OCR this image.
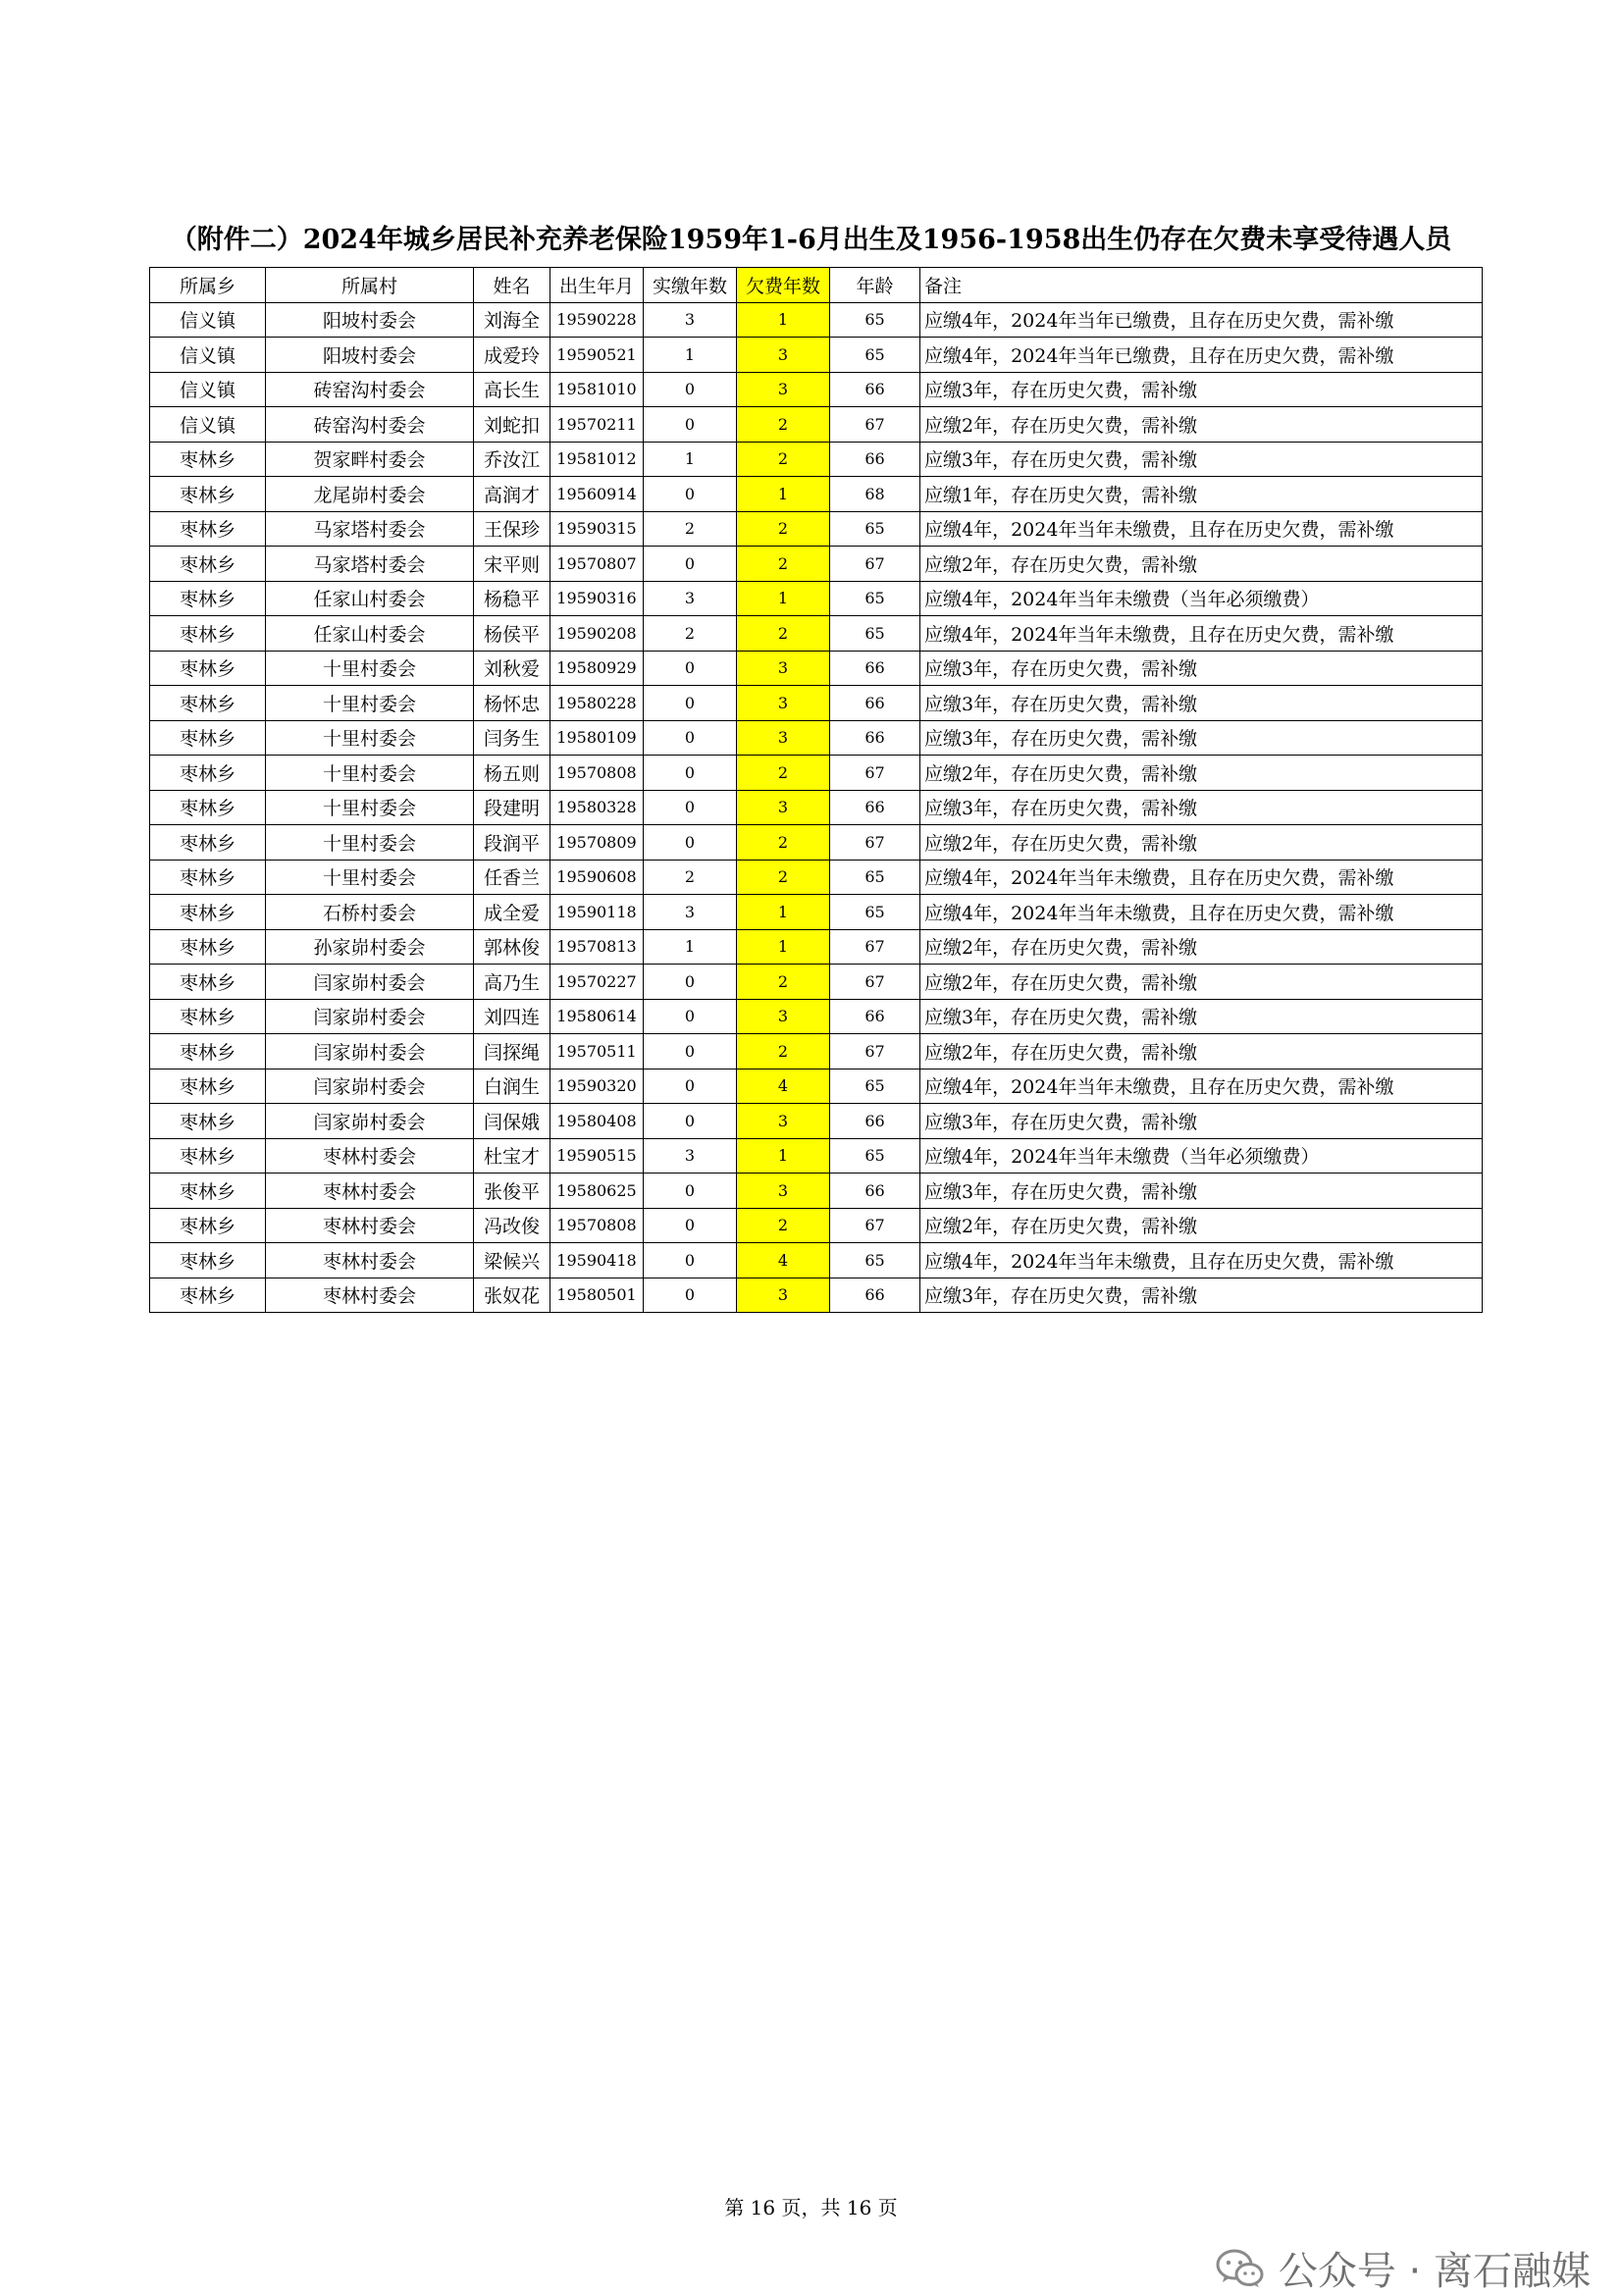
（附件二）2024年城乡居民补充养老保险1959年1-6月出生及1956-1958出生仍存在欠费未享受待遇人员
所属乡	所属村	姓名	出生年月	实缴年数	欠费年数	年龄	备注
信义镇	阳坡村委会	刘海全	19590228	3	1	65	应缴4年，2024年当年已缴费，且存在历史欠费，需补缴
信义镇	阳坡村委会	成爱玲	19590521	1	3	65	应缴4年，2024年当年已缴费，且存在历史欠费，需补缴
信义镇	砖窑沟村委会	高长生	19581010	0	3	66	应缴3年，存在历史欠费，需补缴
信义镇	砖窑沟村委会	刘蛇扣	19570211	0	2	67	应缴2年，存在历史欠费，需补缴
枣林乡	贺家畔村委会	乔汝江	19581012	1	2	66	应缴3年，存在历史欠费，需补缴
枣林乡	龙尾峁村委会	高润才	19560914	0	1	68	应缴1年，存在历史欠费，需补缴
枣林乡	马家塔村委会	王保珍	19590315	2	2	65	应缴4年，2024年当年未缴费，且存在历史欠费，需补缴
枣林乡	马家塔村委会	宋平则	19570807	0	2	67	应缴2年，存在历史欠费，需补缴
枣林乡	任家山村委会	杨稳平	19590316	3	1	65	应缴4年，2024年当年未缴费（当年必须缴费）
枣林乡	任家山村委会	杨侯平	19590208	2	2	65	应缴4年，2024年当年未缴费，且存在历史欠费，需补缴
枣林乡	十里村委会	刘秋爱	19580929	0	3	66	应缴3年，存在历史欠费，需补缴
枣林乡	十里村委会	杨怀忠	19580228	0	3	66	应缴3年，存在历史欠费，需补缴
枣林乡	十里村委会	闫务生	19580109	0	3	66	应缴3年，存在历史欠费，需补缴
枣林乡	十里村委会	杨五则	19570808	0	2	67	应缴2年，存在历史欠费，需补缴
枣林乡	十里村委会	段建明	19580328	0	3	66	应缴3年，存在历史欠费，需补缴
枣林乡	十里村委会	段润平	19570809	0	2	67	应缴2年，存在历史欠费，需补缴
枣林乡	十里村委会	任香兰	19590608	2	2	65	应缴4年，2024年当年未缴费，且存在历史欠费，需补缴
枣林乡	石桥村委会	成全爱	19590118	3	1	65	应缴4年，2024年当年未缴费，且存在历史欠费，需补缴
枣林乡	孙家峁村委会	郭林俊	19570813	1	1	67	应缴2年，存在历史欠费，需补缴
枣林乡	闫家峁村委会	高乃生	19570227	0	2	67	应缴2年，存在历史欠费，需补缴
枣林乡	闫家峁村委会	刘四连	19580614	0	3	66	应缴3年，存在历史欠费，需补缴
枣林乡	闫家峁村委会	闫探绳	19570511	0	2	67	应缴2年，存在历史欠费，需补缴
枣林乡	闫家峁村委会	白润生	19590320	0	4	65	应缴4年，2024年当年未缴费，且存在历史欠费，需补缴
枣林乡	闫家峁村委会	闫保娥	19580408	0	3	66	应缴3年，存在历史欠费，需补缴
枣林乡	枣林村委会	杜宝才	19590515	3	1	65	应缴4年，2024年当年未缴费（当年必须缴费）
枣林乡	枣林村委会	张俊平	19580625	0	3	66	应缴3年，存在历史欠费，需补缴
枣林乡	枣林村委会	冯改俊	19570808	0	2	67	应缴2年，存在历史欠费，需补缴
枣林乡	枣林村委会	梁候兴	19590418	0	4	65	应缴4年，2024年当年未缴费，且存在历史欠费，需补缴
枣林乡	枣林村委会	张奴花	19580501	0	3	66	应缴3年，存在历史欠费，需补缴
第 16 页，共 16 页
公众号 · 离石融媒
